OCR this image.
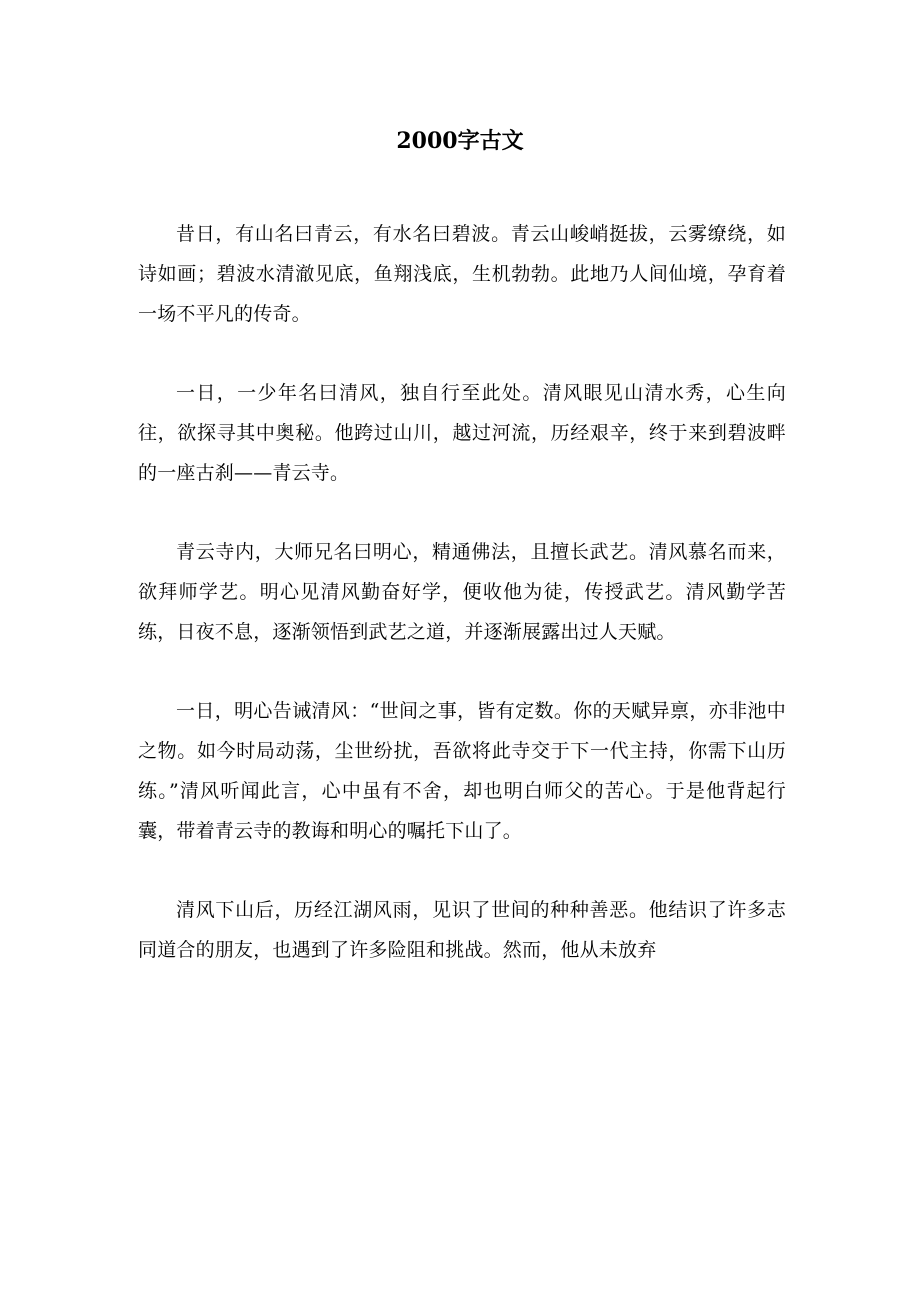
2000字古文

昔日，有山名曰青云，有水名曰碧波。青云山峻峭挺拔，云雾缭绕，如诗如画；碧波水清澈见底，鱼翔浅底，生机勃勃。此地乃人间仙境，孕育着一场不平凡的传奇。

一日，一少年名曰清风，独自行至此处。清风眼见山清水秀，心生向往，欲探寻其中奥秘。他跨过山川，越过河流，历经艰辛，终于来到碧波畔的一座古刹——青云寺。

青云寺内，大师兄名曰明心，精通佛法，且擅长武艺。清风慕名而来，欲拜师学艺。明心见清风勤奋好学，便收他为徒，传授武艺。清风勤学苦练，日夜不息，逐渐领悟到武艺之道，并逐渐展露出过人天赋。

一日，明心告诫清风：“世间之事，皆有定数。你的天赋异禀，亦非池中之物。如今时局动荡，尘世纷扰，吾欲将此寺交于下一代主持，你需下山历练。”清风听闻此言，心中虽有不舍，却也明白师父的苦心。于是他背起行囊，带着青云寺的教诲和明心的嘱托下山了。

清风下山后，历经江湖风雨，见识了世间的种种善恶。他结识了许多志同道合的朋友，也遇到了许多险阻和挑战。然而，他从未放弃
